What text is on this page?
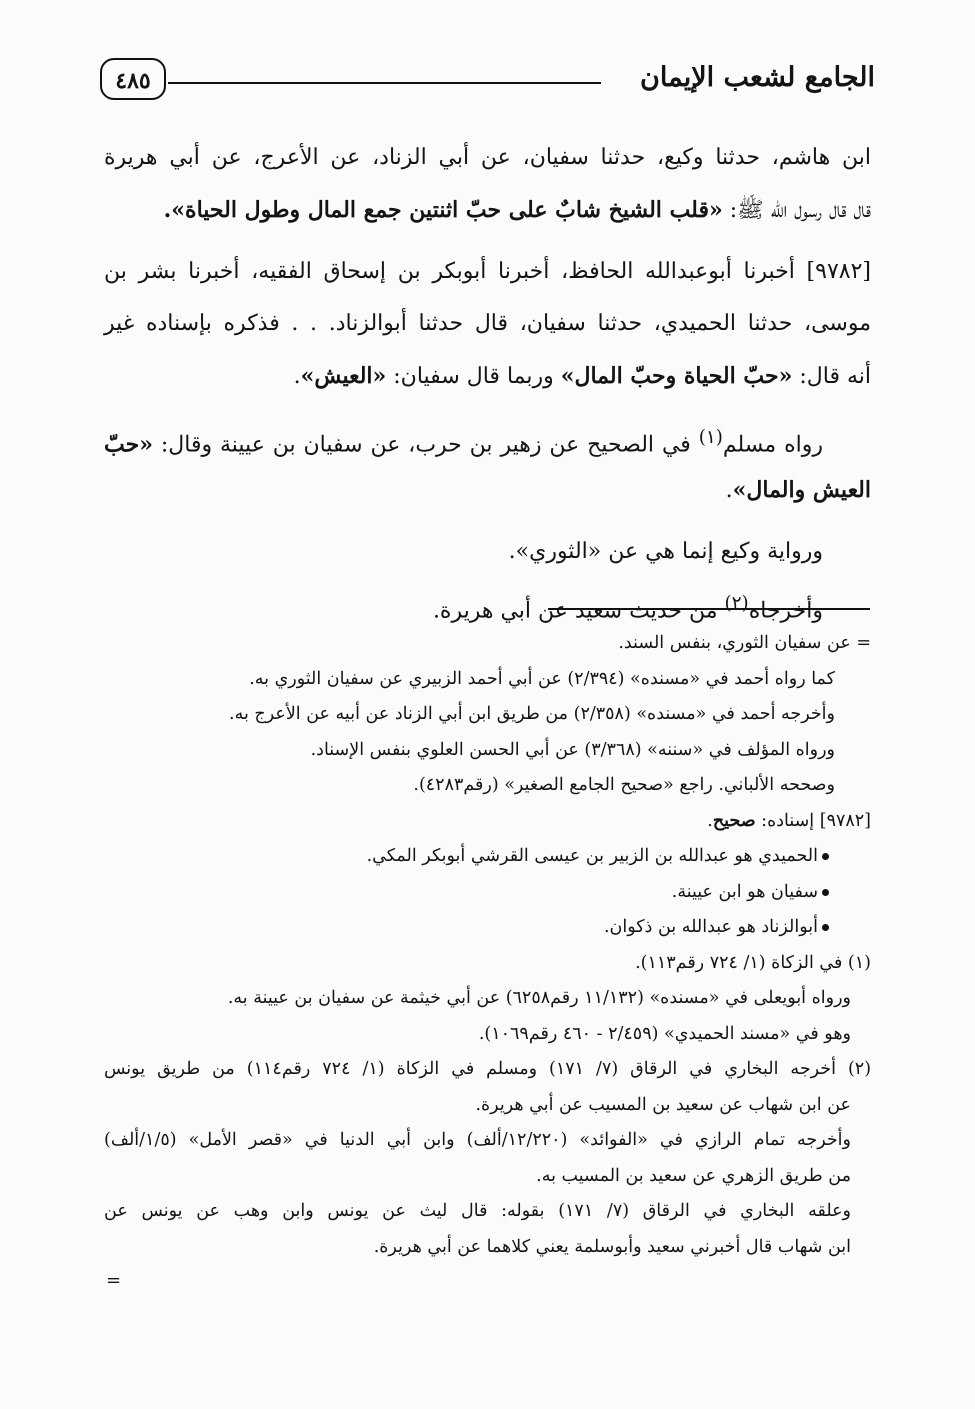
الجامع لشعب الإيمان
٤٨٥
ابن هاشم، حدثنا وكيع، حدثنا سفيان، عن أبي الزناد، عن الأعرج، عن أبي هريرة
قال قال رسول الله ﷺ: «قلب الشيخ شابٌ على حبّ اثنتين جمع المال وطول الحياة».
[٩٧٨٢] أخبرنا أبوعبدالله الحافظ، أخبرنا أبوبكر بن إسحاق الفقيه، أخبرنا بشر بن
موسى، حدثنا الحميدي، حدثنا سفيان، قال حدثنا أبوالزناد. . . فذكره بإسناده غير
أنه قال: «حبّ الحياة وحبّ المال» وربما قال سفيان: «العيش».
رواه مسلم$^{(١)}$ في الصحيح عن زهير بن حرب، عن سفيان بن عيينة وقال: «حبّ
العيش والمال».
ورواية وكيع إنما هي عن «الثوري».
وأخرجاه$^{(٢)}$ من حديث سعيد عن أبي هريرة.
= عن سفيان الثوري، بنفس السند.
كما رواه أحمد في «مسنده» (٢/٣٩٤) عن أبي أحمد الزبيري عن سفيان الثوري به.
وأخرجه أحمد في «مسنده» (٢/٣٥٨) من طريق ابن أبي الزناد عن أبيه عن الأعرج به.
ورواه المؤلف في «سننه» (٣/٣٦٨) عن أبي الحسن العلوي بنفس الإسناد.
وصححه الألباني. راجع «صحيح الجامع الصغير» (رقم٤٢٨٣).
[٩٧٨٢] إسناده: صحيح.
الحميدي هو عبدالله بن الزبير بن عيسى القرشي أبوبكر المكي.
سفيان هو ابن عيينة.
أبوالزناد هو عبدالله بن ذكوان.
(١) في الزكاة (١/ ٧٢٤ رقم١١٣).
ورواه أبويعلى في «مسنده» (١١/١٣٢ رقم٦٢٥٨) عن أبي خيثمة عن سفيان بن عيينة به.
وهو في «مسند الحميدي» (٢/٤٥٩ - ٤٦٠ رقم١٠٦٩).
(٢) أخرجه البخاري في الرقاق (٧/ ١٧١) ومسلم في الزكاة (١/ ٧٢٤ رقم١١٤) من طريق يونس
عن ابن شهاب عن سعيد بن المسيب عن أبي هريرة.
وأخرجه تمام الرازي في «الفوائد» (١٢/٢٢٠/ألف) وابن أبي الدنيا في «قصر الأمل» (١/٥/ألف)
من طريق الزهري عن سعيد بن المسيب به.
وعلقه البخاري في الرقاق (٧/ ١٧١) بقوله: قال ليث عن يونس وابن وهب عن يونس عن
ابن شهاب قال أخبرني سعيد وأبوسلمة يعني كلاهما عن أبي هريرة.
=
